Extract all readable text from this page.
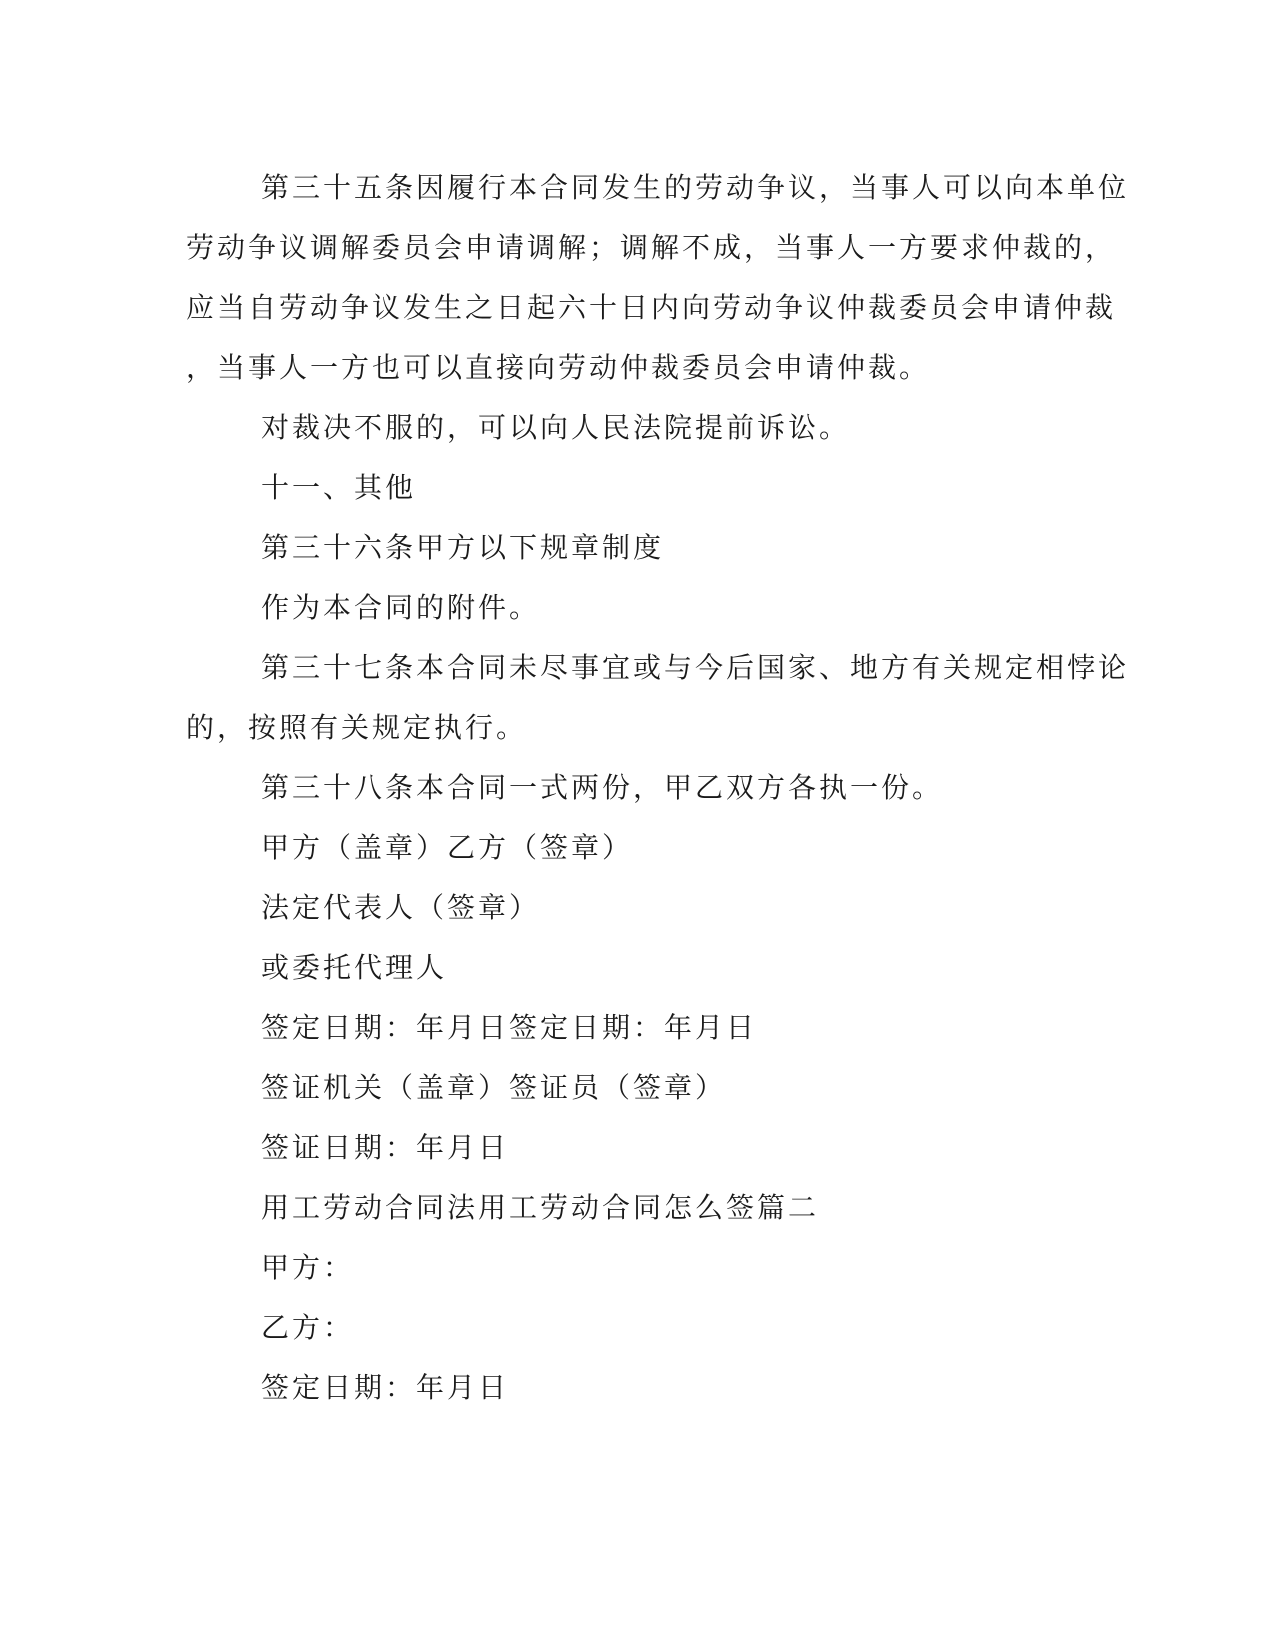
第三十五条因履行本合同发生的劳动争议，当事人可以向本单位

劳动争议调解委员会申请调解；调解不成，当事人一方要求仲裁的，

应当自劳动争议发生之日起六十日内向劳动争议仲裁委员会申请仲裁

，当事人一方也可以直接向劳动仲裁委员会申请仲裁。

对裁决不服的，可以向人民法院提前诉讼。

十一、其他

第三十六条甲方以下规章制度

作为本合同的附件。

第三十七条本合同未尽事宜或与今后国家、地方有关规定相悖论

的，按照有关规定执行。

第三十八条本合同一式两份，甲乙双方各执一份。

甲方（盖章）乙方（签章）

法定代表人（签章）

或委托代理人

签定日期：年月日签定日期：年月日

签证机关（盖章）签证员（签章）

签证日期：年月日

用工劳动合同法用工劳动合同怎么签篇二

甲方：

乙方：

签定日期：年月日
